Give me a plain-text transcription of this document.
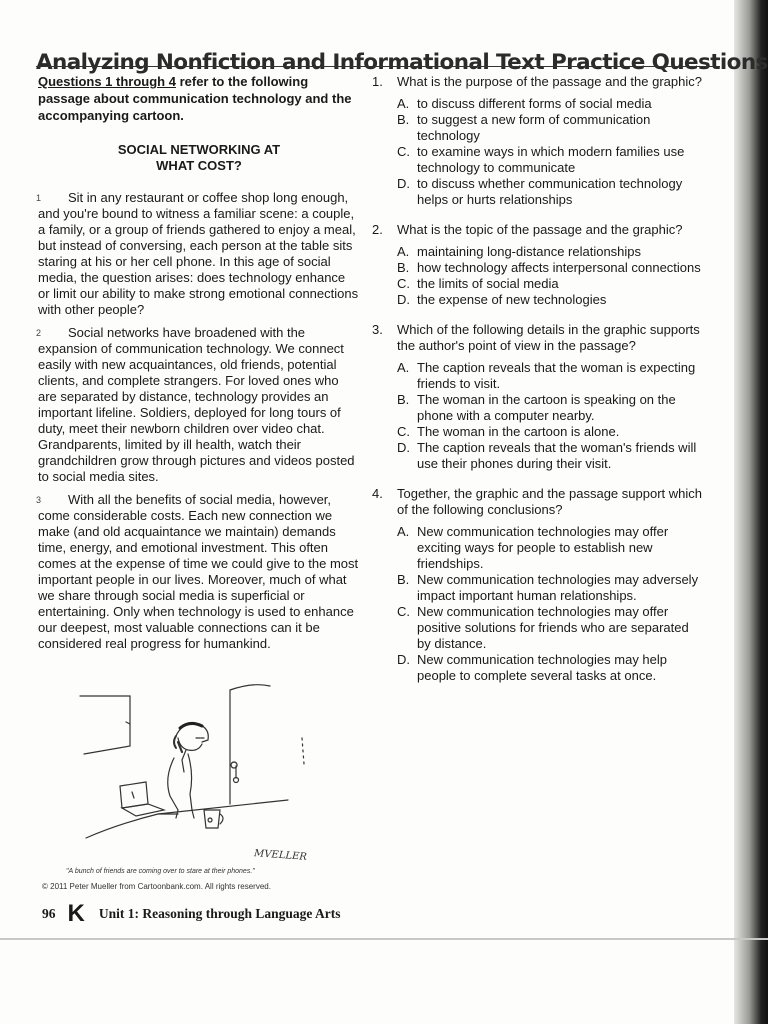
Analyzing Nonfiction and Informational Text Practice Questions

Questions 1 through 4 refer to the following passage about communication technology and the accompanying cartoon.

SOCIAL NETWORKING AT
WHAT COST?
1	Sit in any restaurant or coffee shop long enough, and you're bound to witness a familiar scene: a couple, a family, or a group of friends gathered to enjoy a meal, but instead of conversing, each person at the table sits staring at his or her cell phone. In this age of social media, the question arises: does technology enhance or limit our ability to make strong emotional connections with other people?

2	Social networks have broadened with the expansion of communication technology. We connect easily with new acquaintances, old friends, potential clients, and complete strangers. For loved ones who are separated by distance, technology provides an important lifeline. Soldiers, deployed for long tours of duty, meet their newborn children over video chat. Grandparents, limited by ill health, watch their grandchildren grow through pictures and videos posted to social media sites.

3	With all the benefits of social media, however, come considerable costs. Each new connection we make (and old acquaintance we maintain) demands time, energy, and emotional investment. This often comes at the expense of time we could give to the most important people in our lives. Moreover, much of what we share through social media is superficial or entertaining. Only when technology is used to enhance our deepest, most valuable connections can it be considered real progress for humankind.

MVELLER
"A bunch of friends are coming over to stare at their phones."
© 2011 Peter Mueller from Cartoonbank.com. All rights reserved.
1.	What is the purpose of the passage and the graphic?
A. to discuss different forms of social media
B. to suggest a new form of communication technology
C. to examine ways in which modern families use technology to communicate
D. to discuss whether communication technology helps or hurts relationships
2.	What is the topic of the passage and the graphic?
A. maintaining long-distance relationships
B. how technology affects interpersonal connections
C. the limits of social media
D. the expense of new technologies
3.	Which of the following details in the graphic supports the author's point of view in the passage?
A. The caption reveals that the woman is expecting friends to visit.
B. The woman in the cartoon is speaking on the phone with a computer nearby.
C. The woman in the cartoon is alone.
D. The caption reveals that the woman's friends will use their phones during their visit.
4.	Together, the graphic and the passage support which of the following conclusions?
A. New communication technologies may offer exciting ways for people to establish new friendships.
B. New communication technologies may adversely impact important human relationships.
C. New communication technologies may offer positive solutions for friends who are separated by distance.
D. New communication technologies may help people to complete several tasks at once.
96 K Unit 1: Reasoning through Language Arts
